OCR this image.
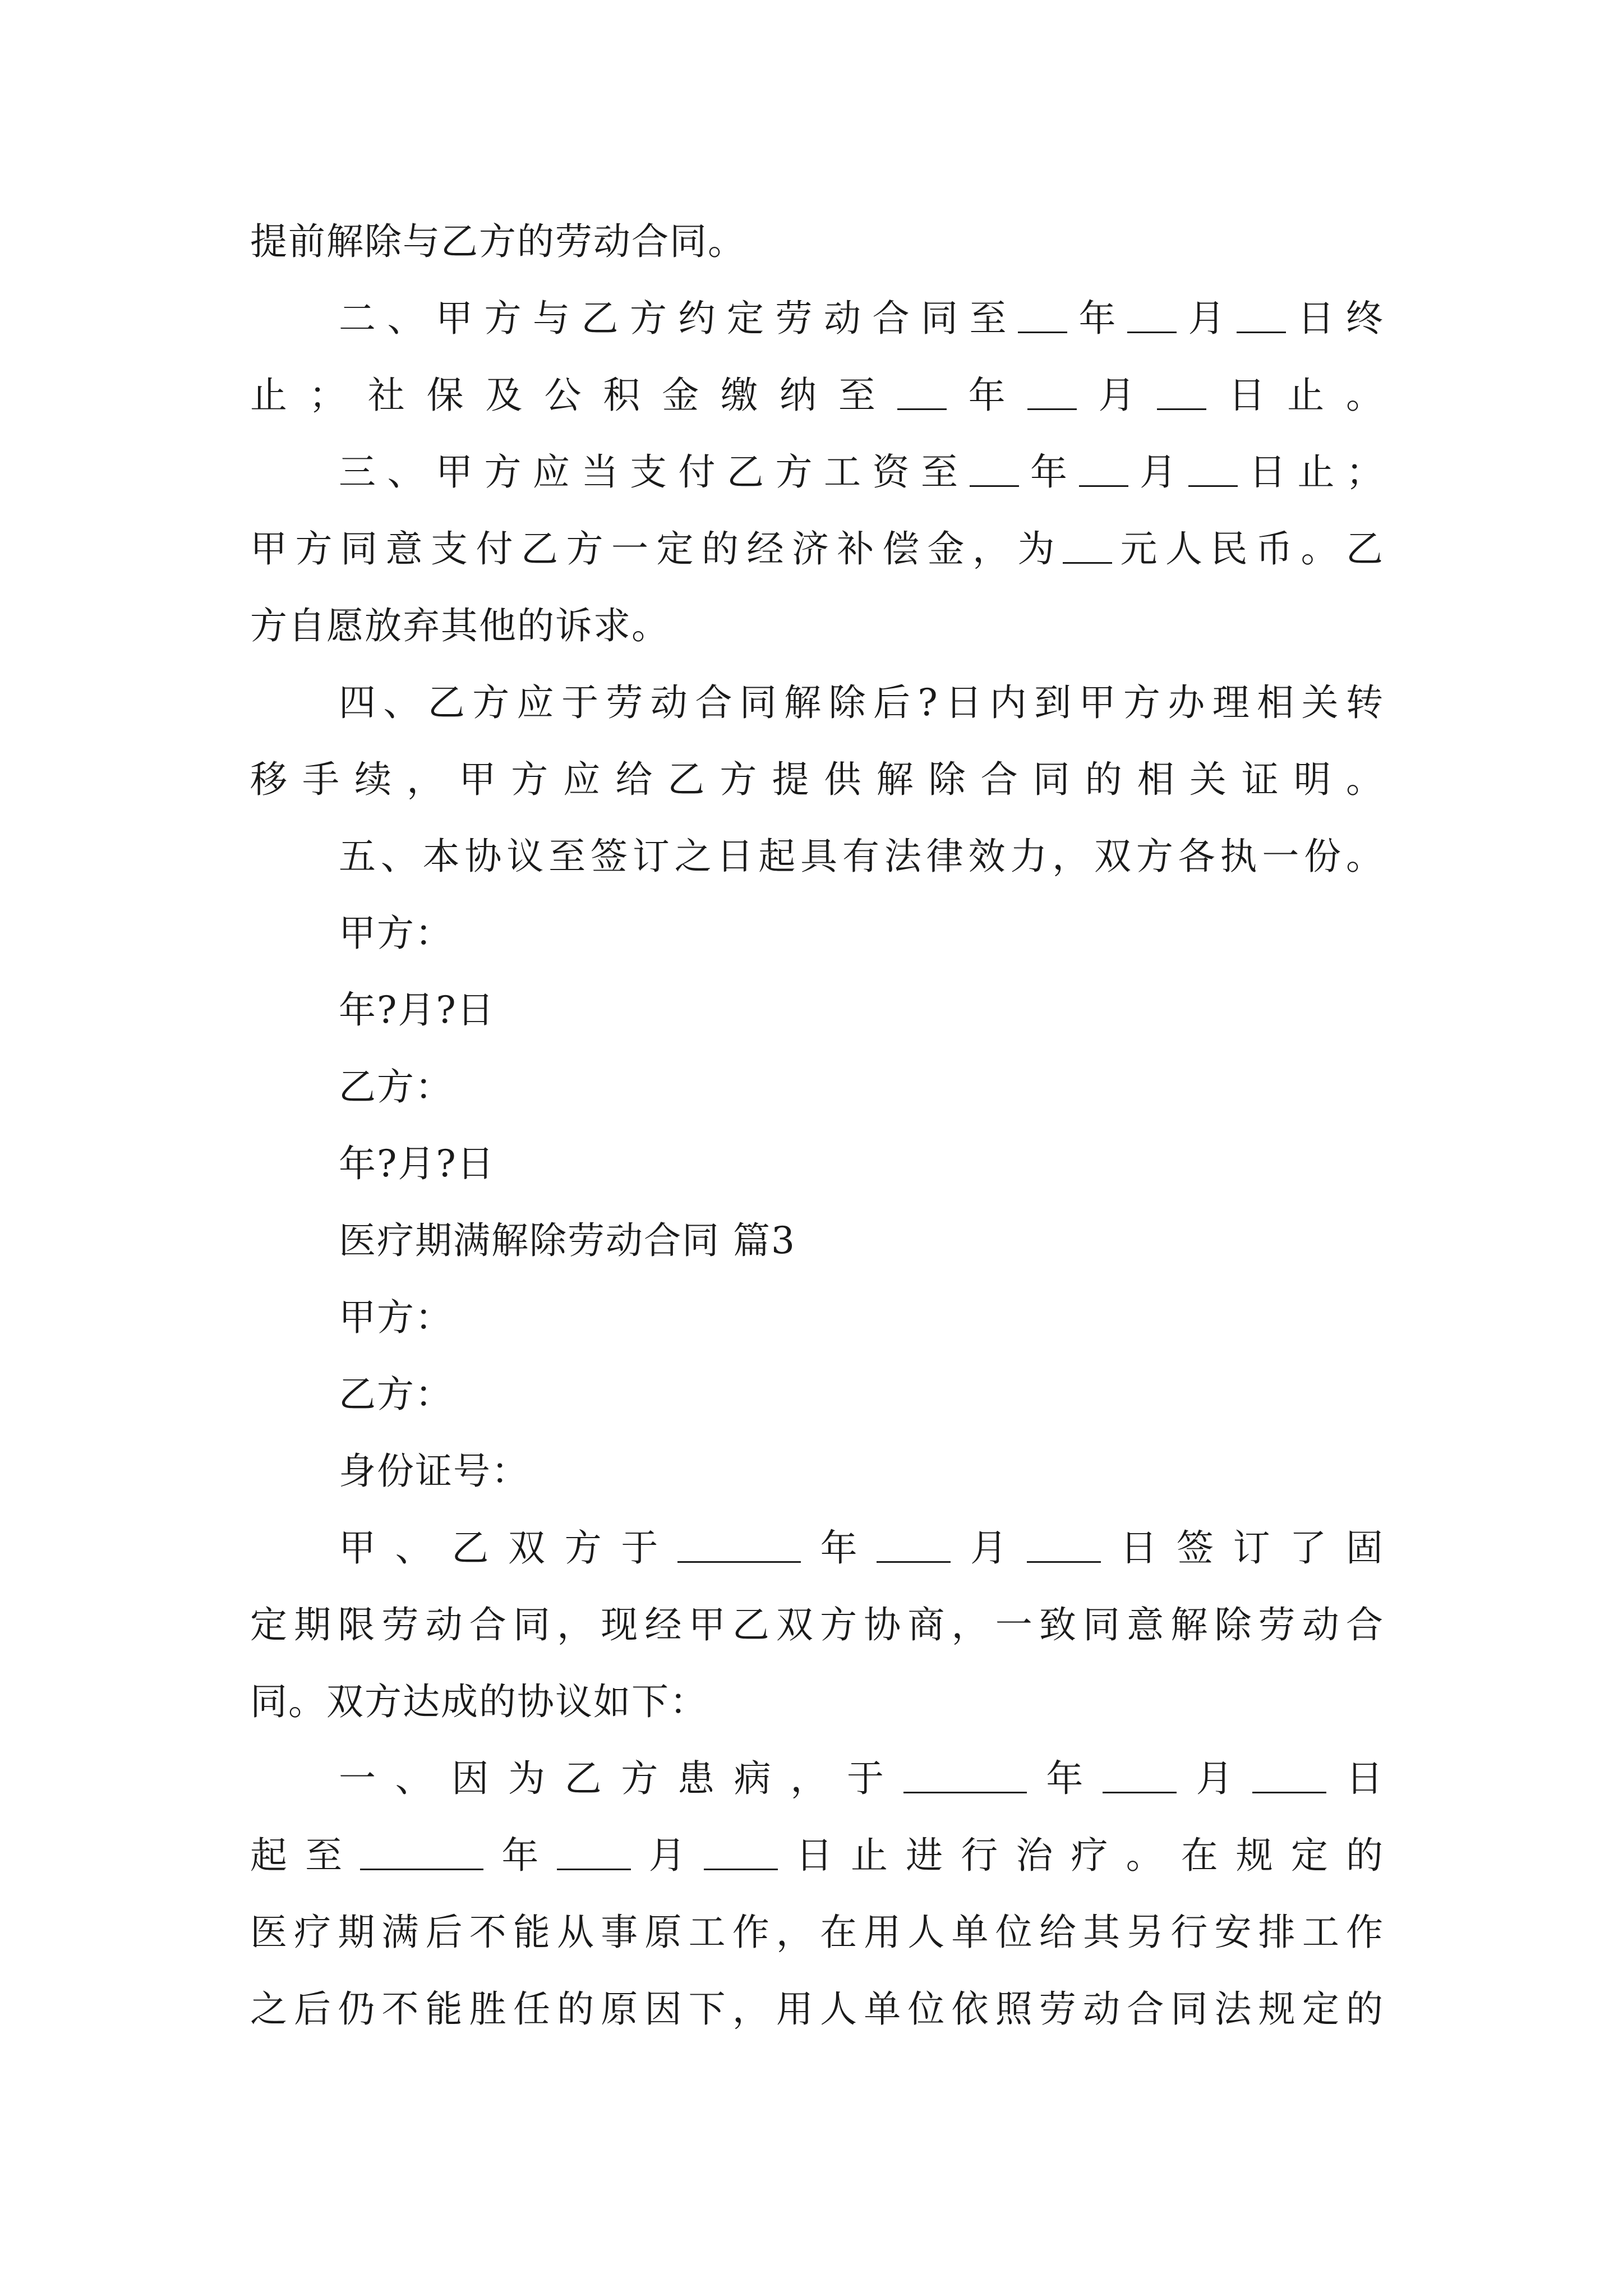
提前解除与乙方的劳动合同。
二、甲方与乙方约定劳动合同至 年 月 日终
止；社保及公积金缴纳至 年 月 日止。
三、甲方应当支付乙方工资至 年 月 日止；
甲方同意支付乙方一定的经济补偿金，为 元人民币。乙
方自愿放弃其他的诉求。
四、乙方应于劳动合同解除后?日内到甲方办理相关转
移手续，甲方应给乙方提供解除合同的相关证明。
五、本协议至签订之日起具有法律效力，双方各执一份。
甲方：
年?月?日
乙方：
年?月?日
医疗期满解除劳动合同 篇3
甲方：
乙方：
身份证号：
甲、乙双方于	年 月 日签订了固
定期限劳动合同，现经甲乙双方协商，一致同意解除劳动合
同。双方达成的协议如下：
一、因为乙方患病，于	年 月 日
起至	年 月 日止进行治疗。在规定的
医疗期满后不能从事原工作，在用人单位给其另行安排工作
之后仍不能胜任的原因下，用人单位依照劳动合同法规定的
